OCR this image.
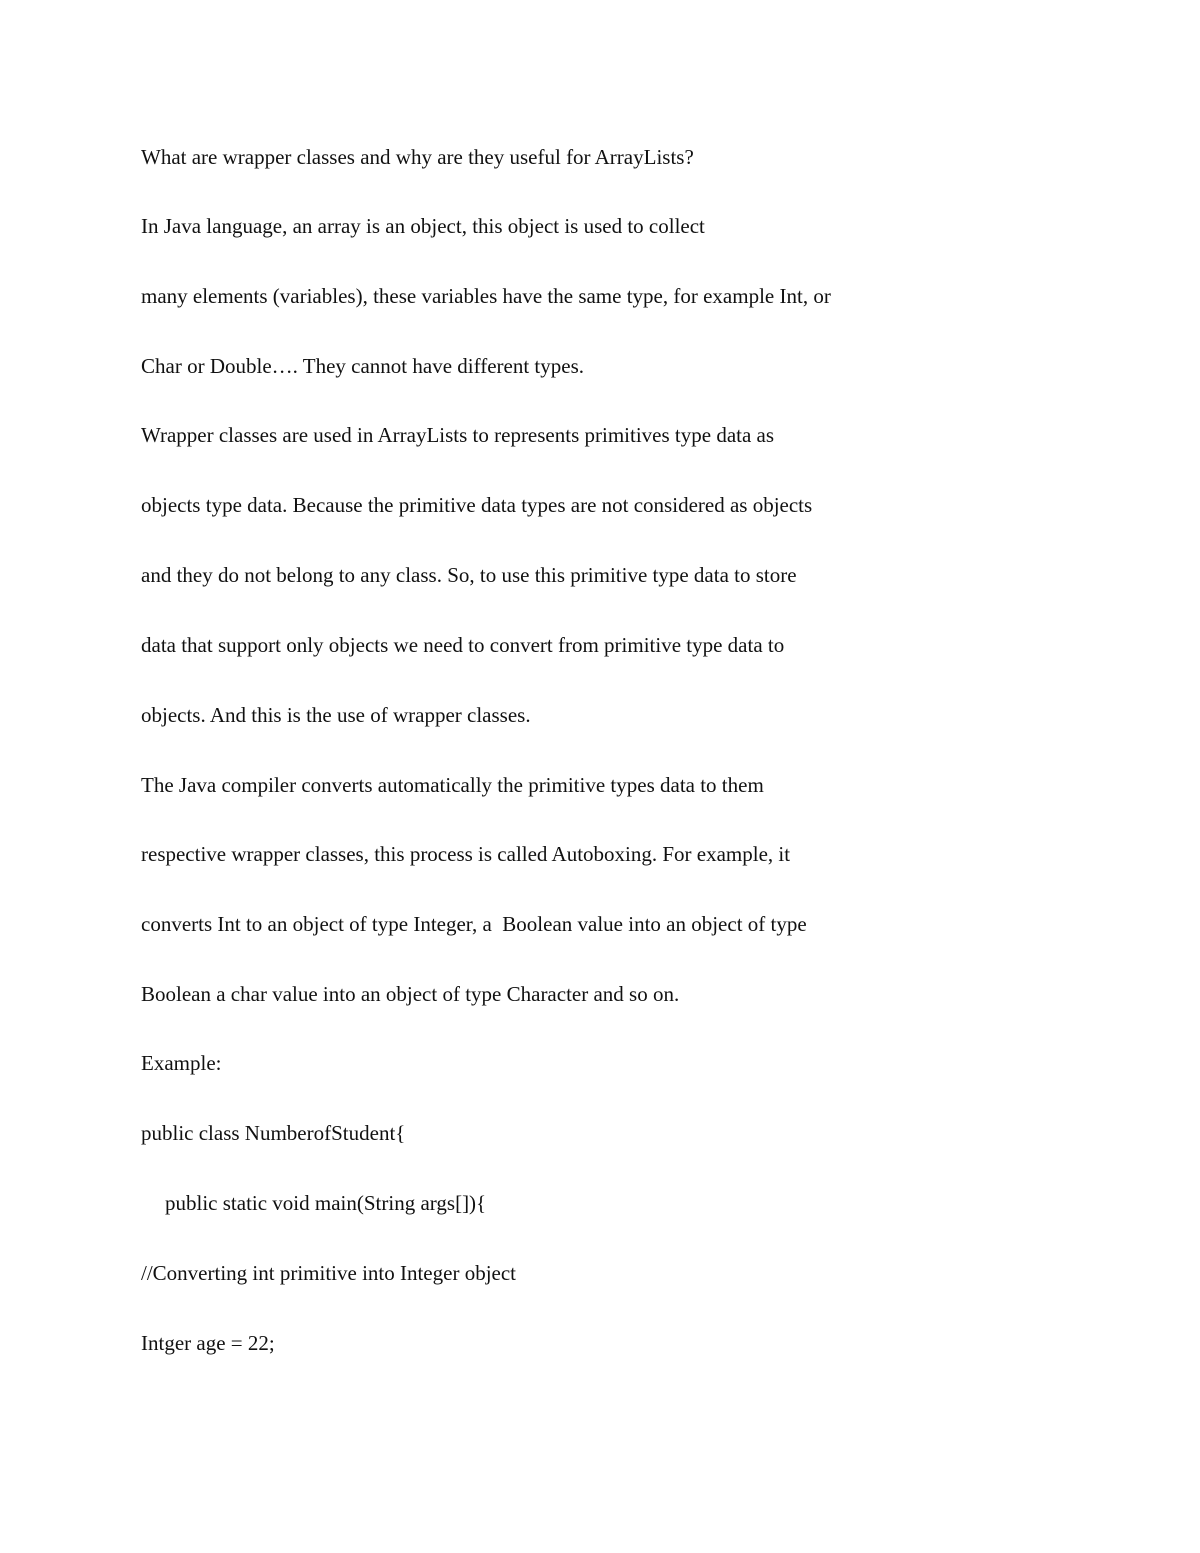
What are wrapper classes and why are they useful for ArrayLists?

In Java language, an array is an object, this object is used to collect

many elements (variables), these variables have the same type, for example Int, or

Char or Double…. They cannot have different types.

Wrapper classes are used in ArrayLists to represents primitives type data as

objects type data. Because the primitive data types are not considered as objects

and they do not belong to any class. So, to use this primitive type data to store

data that support only objects we need to convert from primitive type data to

objects. And this is the use of wrapper classes.

The Java compiler converts automatically the primitive types data to them

respective wrapper classes, this process is called Autoboxing. For example, it

converts Int to an object of type Integer, a  Boolean value into an object of type

Boolean a char value into an object of type Character and so on.

Example:

public class NumberofStudent{

public static void main(String args[]){

//Converting int primitive into Integer object

Intger age = 22;
